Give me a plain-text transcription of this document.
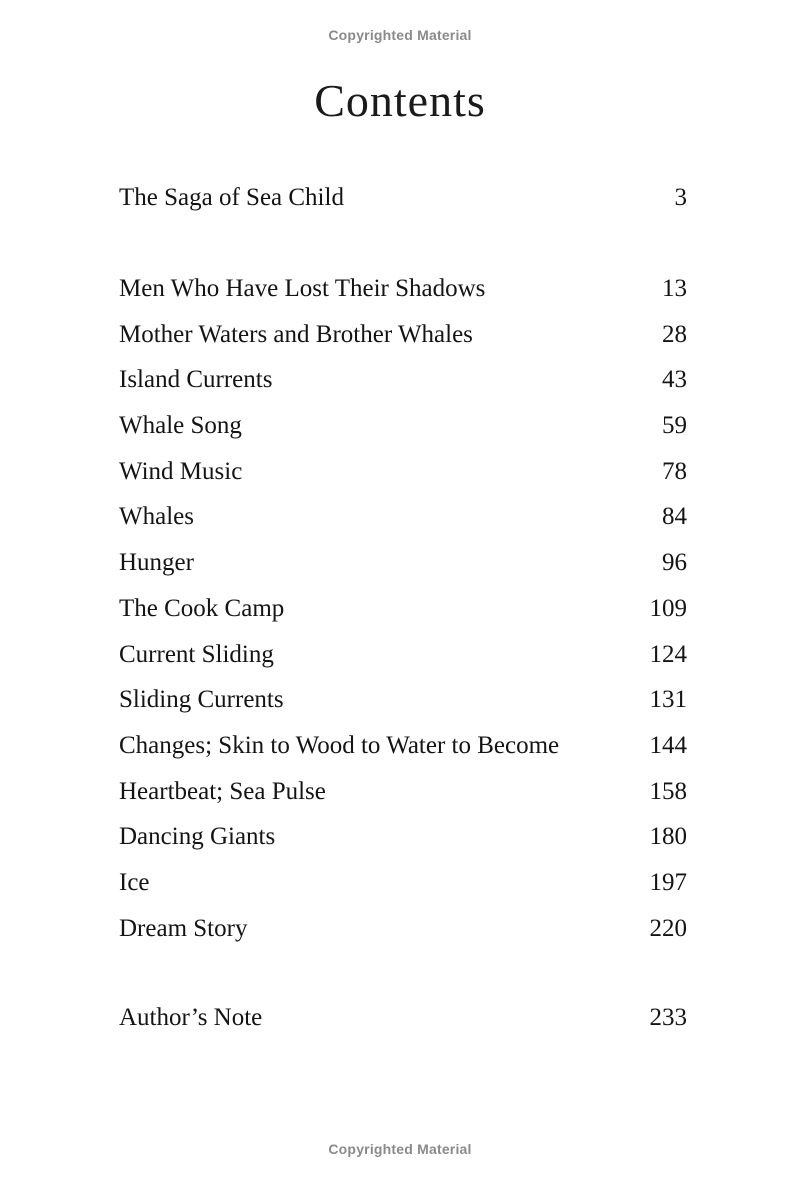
Copyrighted Material
Contents
The Saga of Sea Child	3
Men Who Have Lost Their Shadows	13
Mother Waters and Brother Whales	28
Island Currents	43
Whale Song	59
Wind Music	78
Whales	84
Hunger	96
The Cook Camp	109
Current Sliding	124
Sliding Currents	131
Changes; Skin to Wood to Water to Become	144
Heartbeat; Sea Pulse	158
Dancing Giants	180
Ice	197
Dream Story	220
Author’s Note	233
Copyrighted Material
